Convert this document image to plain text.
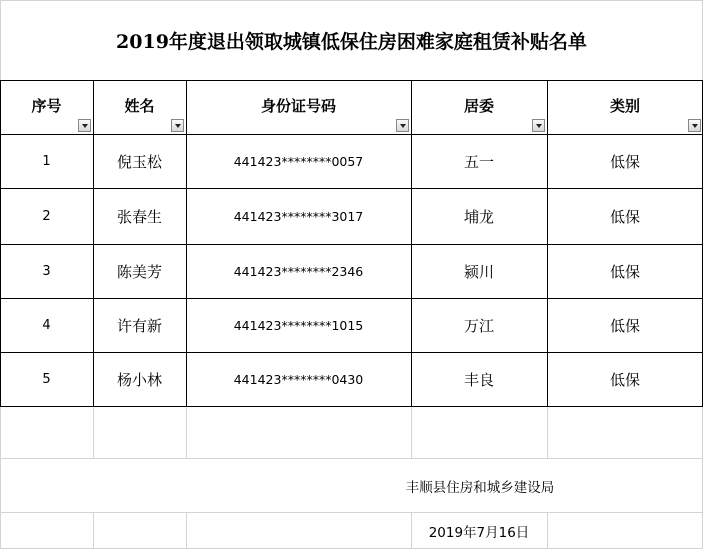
2019年度退出领取城镇低保住房困难家庭租赁补贴名单
序号	姓名	身份证号码	居委	类别
1	倪玉松	441423********0057	五一	低保
2	张春生	441423********3017	埔龙	低保
3	陈美芳	441423********2346	颍川	低保
4	许有新	441423********1015	万江	低保
5	杨小林	441423********0430	丰良	低保
丰顺县住房和城乡建设局
2019年7月16日
